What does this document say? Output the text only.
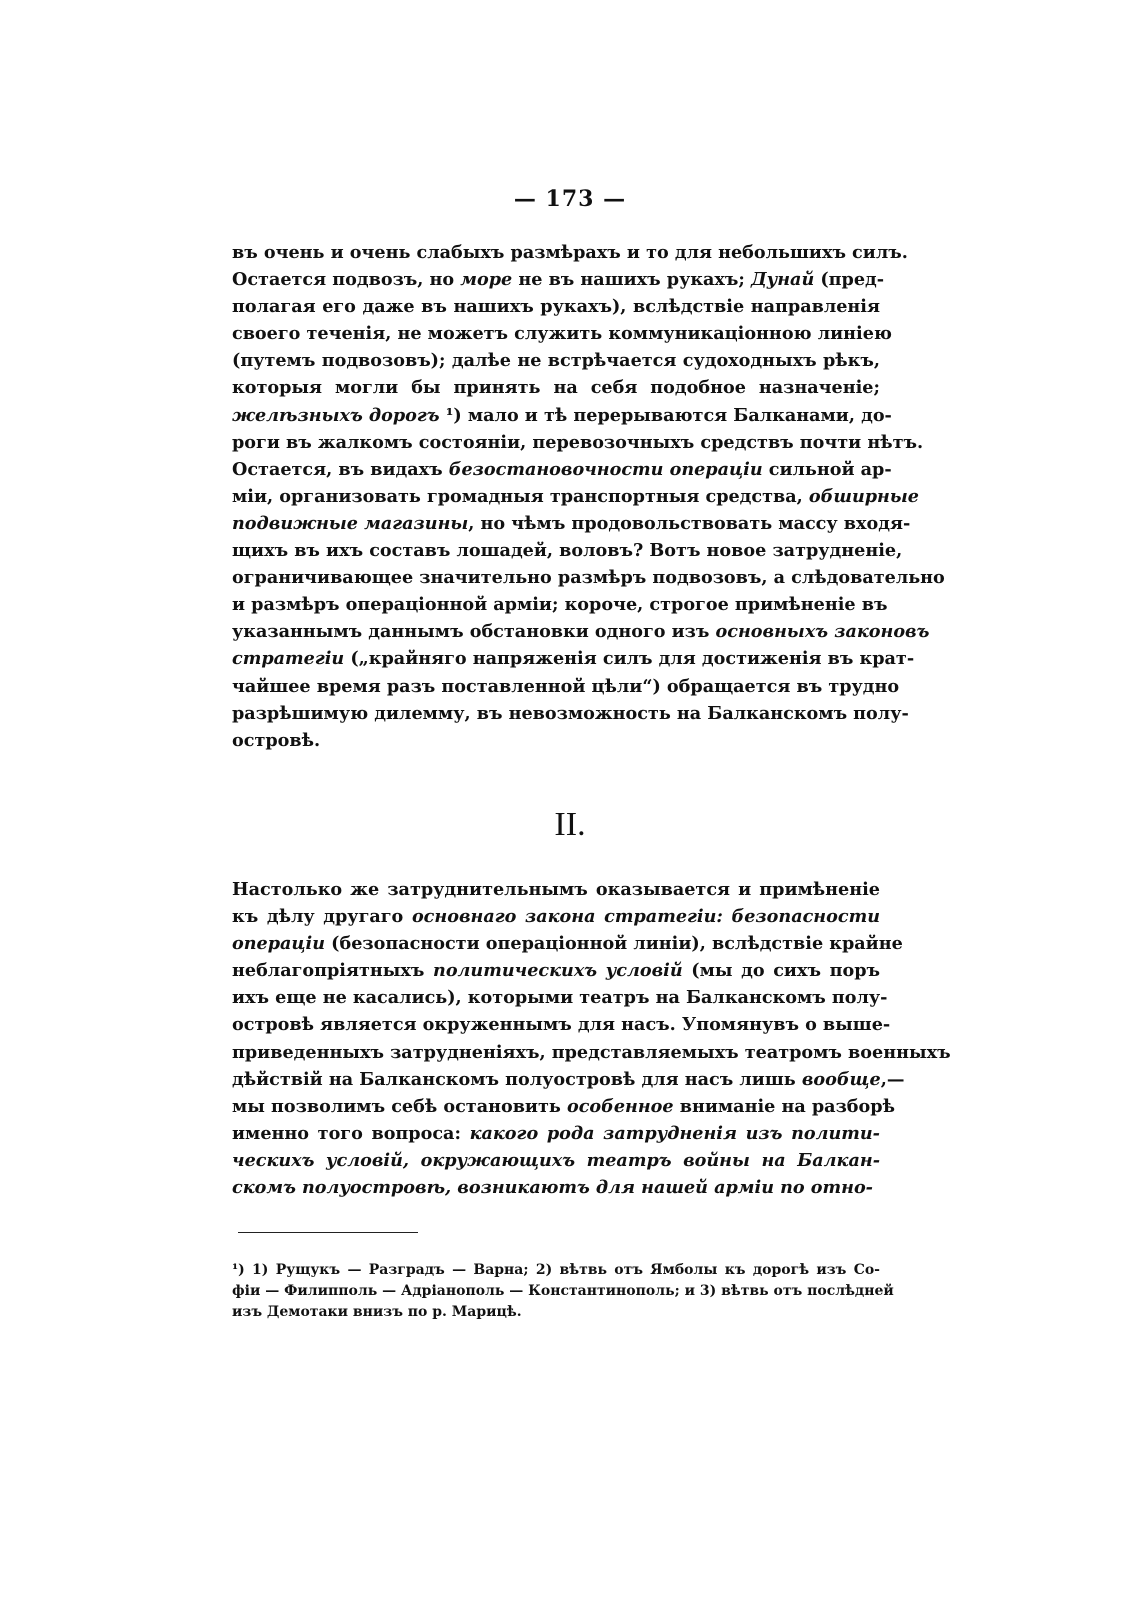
— 173 —
въ очень и очень слабыхъ размѣрахъ и то для небольшихъ силъ.
Остается подвозъ, но море не въ нашихъ рукахъ; Дунай (пред-
полагая его даже въ нашихъ рукахъ), вслѣдствіе направленія
своего теченія, не можетъ служить коммуникаціонною линіею
(путемъ подвозовъ); далѣе не встрѣчается судоходныхъ рѣкъ,
которыя могли бы принять на себя подобное назначеніе;
желѣзныхъ дорогъ ¹) мало и тѣ перерываются Балканами, до-
роги въ жалкомъ состояніи, перевозочныхъ средствъ почти нѣтъ.
Остается, въ видахъ безостановочности операціи сильной ар-
міи, организовать громадныя транспортныя средства, обширные
подвижные магазины, но чѣмъ продовольствовать массу входя-
щихъ въ ихъ составъ лошадей, воловъ? Вотъ новое затрудненіе,
ограничивающее значительно размѣръ подвозовъ, а слѣдовательно
и размѣръ операціонной арміи; короче, строгое примѣненіе въ
указаннымъ даннымъ обстановки одного изъ основныхъ законовъ
стратегіи („крайняго напряженія силъ для достиженія въ крат-
чайшее время разъ поставленной цѣли“) обращается въ трудно
разрѣшимую дилемму, въ невозможность на Балканскомъ полу-
островѣ.
II.
Настолько же затруднительнымъ оказывается и примѣненіе
къ дѣлу другаго основнаго закона стратегіи: безопасности
операціи (безопасности операціонной линіи), вслѣдствіе крайне
неблагопріятныхъ политическихъ условій (мы до сихъ поръ
ихъ еще не касались), которыми театръ на Балканскомъ полу-
островѣ является окруженнымъ для насъ. Упомянувъ о выше-
приведенныхъ затрудненіяхъ, представляемыхъ театромъ военныхъ
дѣйствій на Балканскомъ полуостровѣ для насъ лишь вообще,—
мы позволимъ себѣ остановить особенное вниманіе на разборѣ
именно того вопроса: какого рода затрудненія изъ полити-
ческихъ условій, окружающихъ театръ войны на Балкан-
скомъ полуостровѣ, возникаютъ для нашей арміи по отно-
¹) 1) Рущукъ — Разградъ — Варна; 2) вѣтвь отъ Ямболы къ дорогѣ изъ Со-
фіи — Филипполь — Адріанополь — Константинополь; и 3) вѣтвь отъ послѣдней
изъ Демотаки внизъ по р. Марицѣ.
